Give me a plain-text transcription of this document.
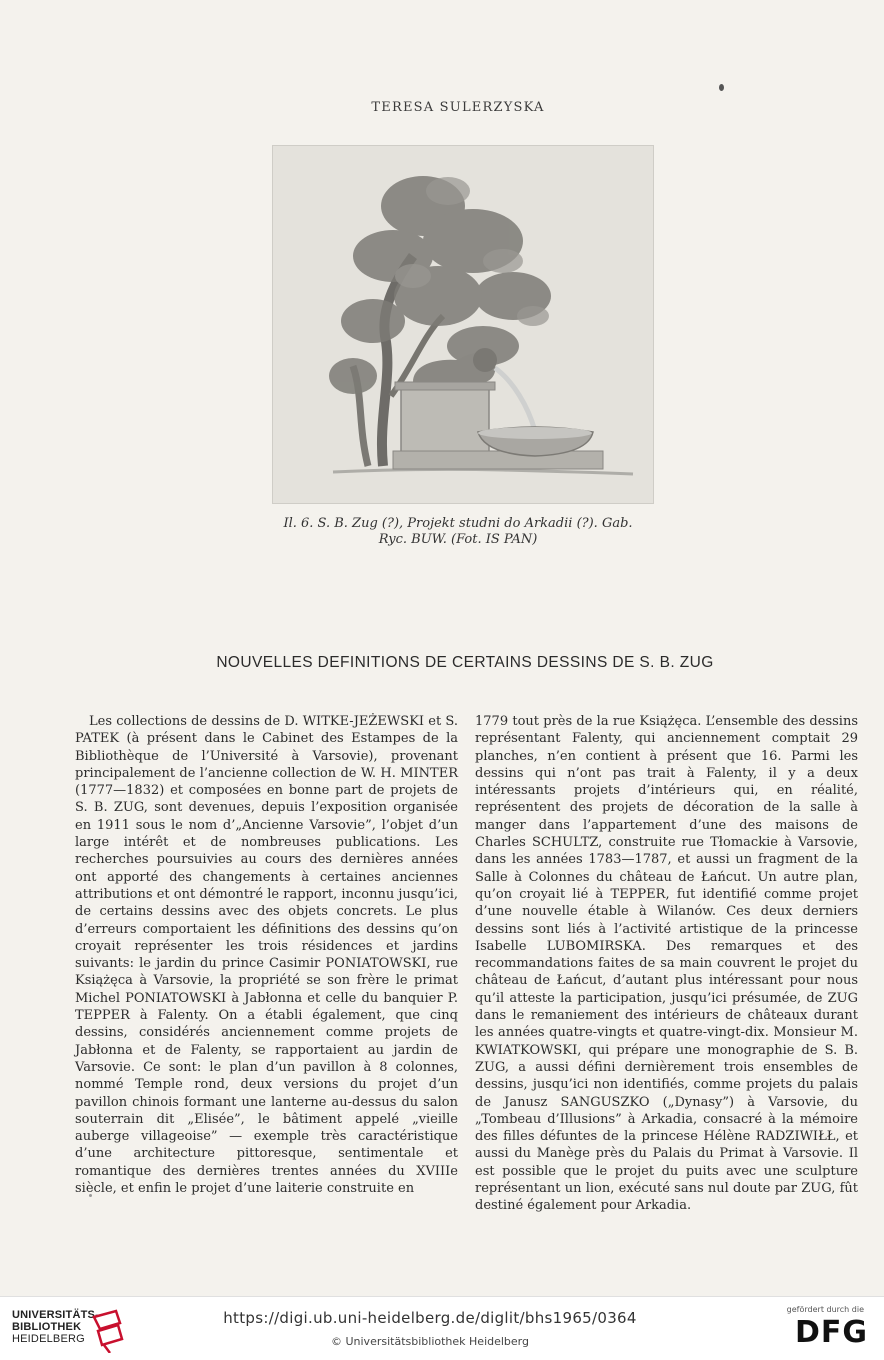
TERESA SULERZYSKA
Il. 6. S. B. Zug (?), Projekt studni do Arkadii (?). Gab.
Ryc. BUW. (Fot. IS PAN)
NOUVELLES DEFINITIONS DE CERTAINS DESSINS DE S. B. ZUG

Les collections de dessins de D. WITKE-JEŻEWSKI et S. PATEK (à présent dans le Cabinet des Estampes de la Bibliothèque de l’Université à Varsovie), provenant principalement de l’ancienne collection de W. H. MINTER (1777—1832) et composées en bonne part de projets de S. B. ZUG, sont devenues, depuis l’exposition organisée en 1911 sous le nom d’„Ancienne Varsovie”, l’objet d’un large intérêt et de nombreuses publications. Les recherches poursuivies au cours des dernières années ont apporté des changements à certaines anciennes attributions et ont démontré le rapport, inconnu jusqu’ici, de certains dessins avec des objets concrets. Le plus d’erreurs comportaient les définitions des dessins qu’on croyait représenter les trois résidences et jardins suivants: le jardin du prince Casimir PONIATOWSKI, rue Książęca à Varsovie, la propriété se son frère le primat Michel PONIATOWSKI à Jabłonna et celle du banquier P. TEPPER à Falenty. On a établi également, que cinq dessins, considérés anciennement comme projets de Jabłonna et de Falenty, se rapportaient au jardin de Varsovie. Ce sont: le plan d’un pavillon à 8 colonnes, nommé Temple rond, deux versions du projet d’un pavillon chinois formant une lanterne au-dessus du salon souterrain dit „Elisée”, le bâtiment appelé „vieille auberge villageoise” — exemple très caractéristique d’une architecture pittoresque, sentimentale et romantique des dernières trentes années du XVIIIe siècle, et enfin le projet d’une laiterie construite en

1779 tout près de la rue Książęca. L’ensemble des dessins représentant Falenty, qui anciennement comptait 29 planches, n’en contient à présent que 16. Parmi les dessins qui n’ont pas trait à Falenty, il y a deux intéressants projets d’intérieurs qui, en réalité, représentent des projets de décoration de la salle à manger dans l’appartement d’une des maisons de Charles SCHULTZ, construite rue Tłomackie à Varsovie, dans les années 1783—1787, et aussi un fragment de la Salle à Colonnes du château de Łańcut. Un autre plan, qu’on croyait lié à TEPPER, fut identifié comme projet d’une nouvelle étable à Wilanów. Ces deux derniers dessins sont liés à l’activité artistique de la princesse Isabelle LUBOMIRSKA. Des remarques et des recommandations faites de sa main couvrent le projet du château de Łańcut, d’autant plus intéressant pour nous qu’il atteste la participation, jusqu’ici présumée, de ZUG dans le remaniement des intérieurs de châteaux durant les années quatre-vingts et quatre-vingt-dix. Monsieur M. KWIATKOWSKI, qui prépare une monographie de S. B. ZUG, a aussi défini dernièrement trois ensembles de dessins, jusqu’ici non identifiés, comme projets du palais de Janusz SANGUSZKO („Dynasy”) à Varsovie, du „Tombeau d’Illusions” à Arkadia, consacré à la mémoire des filles défuntes de la princese Hélène RADZIWIŁŁ, et aussi du Manège près du Palais du Primat à Varsovie. Il est possible que le projet du puits avec une sculpture représentant un lion, exécuté sans nul doute par ZUG, fût destiné également pour Arkadia.

UNIVERSITÄTS-
BIBLIOTHEK
HEIDELBERG
https://digi.ub.uni-heidelberg.de/diglit/bhs1965/0364
© Universitätsbibliothek Heidelberg
gefördert durch die
DFG
